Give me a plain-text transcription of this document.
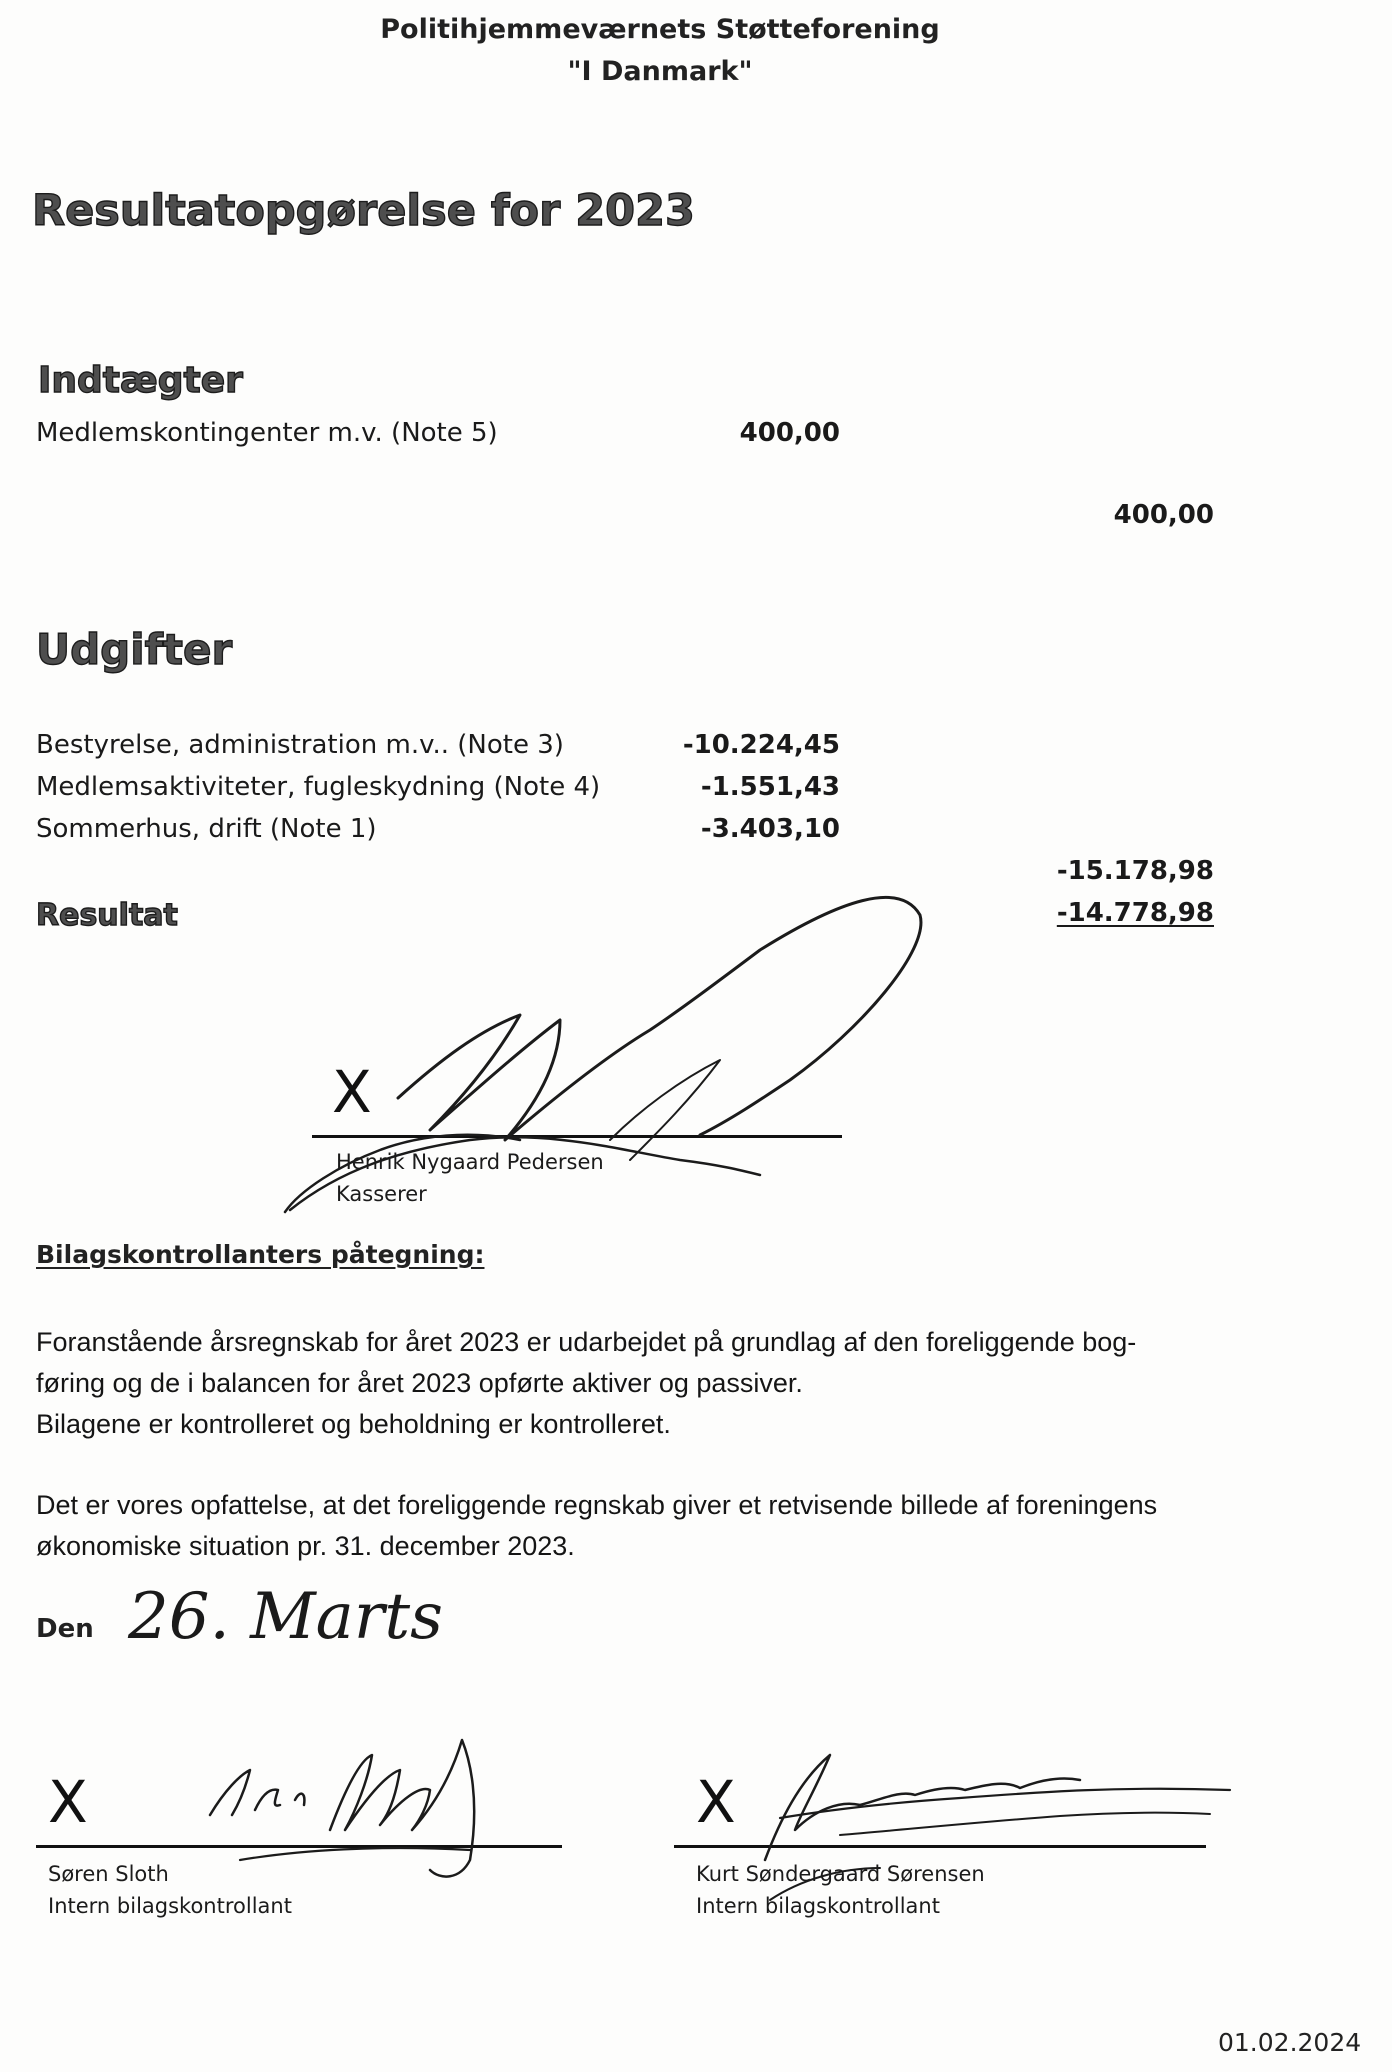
Politihjemmeværnets Støtteforening
"I Danmark"
Resultatopgørelse for 2023
Indtægter
Medlemskontingenter m.v. (Note 5)	400,00
400,00
Udgifter
Bestyrelse, administration m.v.. (Note 3)	-10.224,45
Medlemsaktiviteter, fugleskydning (Note 4)	-1.551,43
Sommerhus, drift (Note 1)	-3.403,10
-15.178,98
Resultat	-14.778,98
X
Henrik Nygaard Pedersen
Kasserer
Bilagskontrollanters påtegning:
Foranstående årsregnskab for året 2023 er udarbejdet på grundlag af den foreliggende bog-
føring og de i balancen for året 2023 opførte aktiver og passiver.
Bilagene er kontrolleret og beholdning er kontrolleret.
Det er vores opfattelse, at det foreliggende regnskab giver et retvisende billede af foreningens
økonomiske situation pr. 31. december 2023.
Den 26. Marts
X
Søren Sloth
Intern bilagskontrollant
X
Kurt Søndergaard Sørensen
Intern bilagskontrollant
01.02.2024
